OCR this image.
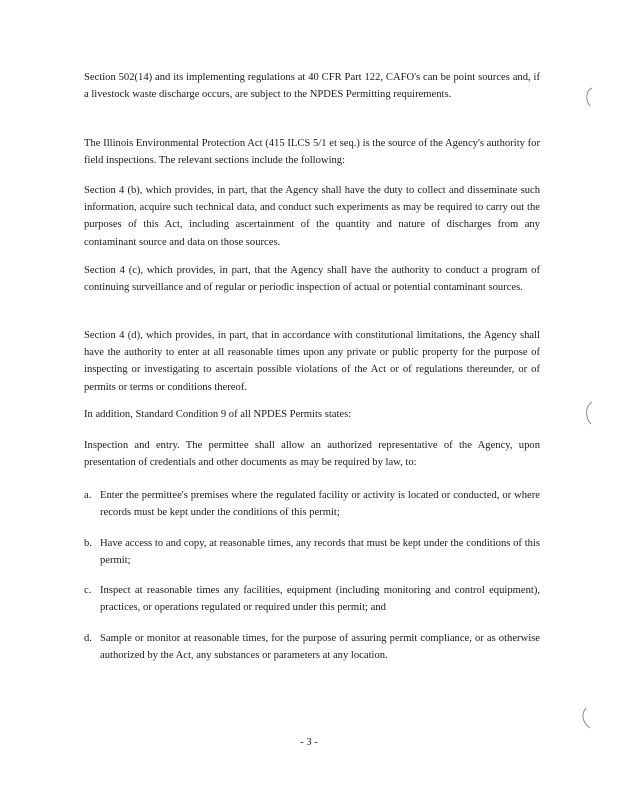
Section 502(14) and its implementing regulations at 40 CFR Part 122, CAFO's can be point sources and, if a livestock waste discharge occurs, are subject to the NPDES Permitting requirements.

The Illinois Environmental Protection Act (415 ILCS 5/1 et seq.) is the source of the Agency's authority for field inspections. The relevant sections include the following:

Section 4 (b), which provides, in part, that the Agency shall have the duty to collect and disseminate such information, acquire such technical data, and conduct such experiments as may be required to carry out the purposes of this Act, including ascertainment of the quantity and nature of discharges from any contaminant source and data on those sources.

Section 4 (c), which provides, in part, that the Agency shall have the authority to conduct a program of continuing surveillance and of regular or periodic inspection of actual or potential contaminant sources.

Section 4 (d), which provides, in part, that in accordance with constitutional limitations, the Agency shall have the authority to enter at all reasonable times upon any private or public property for the purpose of inspecting or investigating to ascertain possible violations of the Act or of regulations thereunder, or of permits or terms or conditions thereof.

In addition, Standard Condition 9 of all NPDES Permits states:

Inspection and entry. The permittee shall allow an authorized representative of the Agency, upon presentation of credentials and other documents as may be required by law, to:

a. Enter the permittee's premises where the regulated facility or activity is located or conducted, or where records must be kept under the conditions of this permit;
b. Have access to and copy, at reasonable times, any records that must be kept under the conditions of this permit;
c. Inspect at reasonable times any facilities, equipment (including monitoring and control equipment), practices, or operations regulated or required under this permit; and
d. Sample or monitor at reasonable times, for the purpose of assuring permit compliance, or as otherwise authorized by the Act, any substances or parameters at any location.

- 3 -
